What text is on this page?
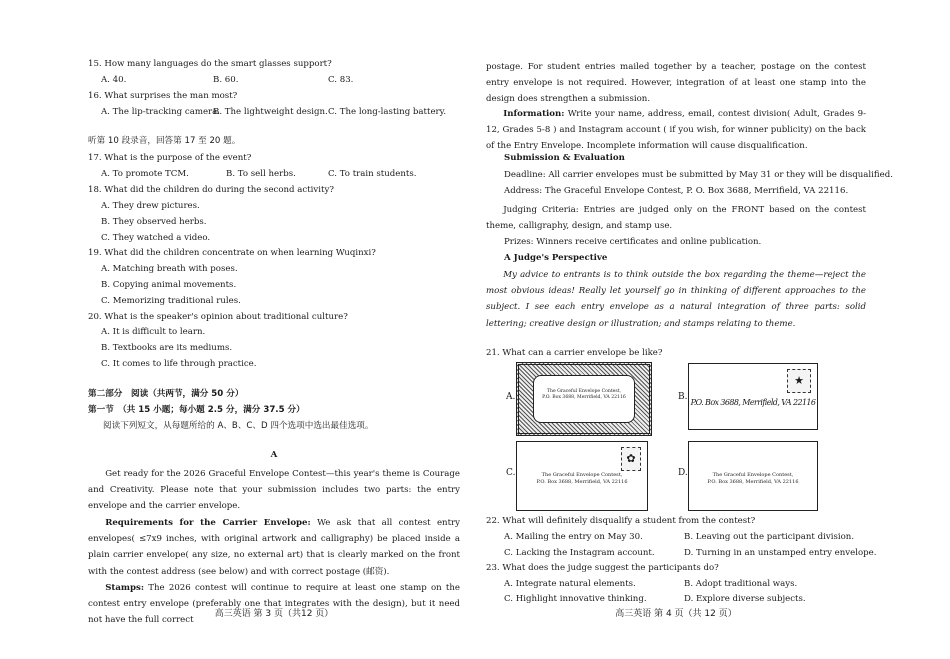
15. How many languages do the smart glasses support?
A. 40.	B. 60.	C. 83.
16. What surprises the man most?
A. The lip-tracking camera.
B. The lightweight design. C. The long-lasting battery.
听第 10 段录音，回答第 17 至 20 题。
17. What is the purpose of the event?
A. To promote TCM.	B. To sell herbs.	C. To train students.
18. What did the children do during the second activity?
A. They drew pictures.
B. They observed herbs.
C. They watched a video.
19. What did the children concentrate on when learning Wuqinxi?
A. Matching breath with poses.
B. Copying animal movements.
C. Memorizing traditional rules.
20. What is the speaker's opinion about traditional culture?
A. It is difficult to learn.
B. Textbooks are its mediums.
C. It comes to life through practice.
第二部分　阅读（共两节，满分 50 分）
第一节　（共 15 小题；每小题 2.5 分，满分 37.5 分）
阅读下列短文，从每题所给的 A、B、C、D 四个选项中选出最佳选项。
A
Get ready for the 2026 Graceful Envelope Contest—this year's theme is Courage and Creativity. Please note that your submission includes two parts: the entry envelope and the carrier envelope.
Requirements for the Carrier Envelope: We ask that all contest entry envelopes( ≤7x9 inches, with original artwork and calligraphy) be placed inside a plain carrier envelope( any size, no external art) that is clearly marked on the front with the contest address (see below) and with correct postage (邮资).
Stamps: The 2026 contest will continue to require at least one stamp on the contest entry envelope (preferably one that integrates with the design), but it need not have the full correct
高三英语 第 3 页（共12 页）
postage. For student entries mailed together by a teacher, postage on the contest entry envelope is not required. However, integration of at least one stamp into the design does strengthen a submission.
Information: Write your name, address, email, contest division( Adult, Grades 9-12, Grades 5-8 ) and Instagram account ( if you wish, for winner publicity) on the back of the Entry Envelope. Incomplete information will cause disqualification.
Submission & Evaluation
Deadline: All carrier envelopes must be submitted by May 31 or they will be disqualified.
Address: The Graceful Envelope Contest, P. O. Box 3688, Merrifield, VA 22116.
Judging Criteria: Entries are judged only on the FRONT based on the contest theme, calligraphy, design, and stamp use.
Prizes: Winners receive certificates and online publication.
A Judge's Perspective
My advice to entrants is to think outside the box regarding the theme—reject the most obvious ideas! Really let yourself go in thinking of different approaches to the subject. I see each entry envelope as a natural integration of three parts: solid lettering; creative design or illustration; and stamps relating to theme.
21. What can a carrier envelope be like?
A.
The Graceful Envelope Contest,
P.O. Box 3688, Merrifield, VA 22116	B.
★
P.O. Box 3688, Merrifield, VA 22116
C.
✿
The Graceful Envelope Contest,
P.O. Box 3688, Merrifield, VA 22116
D.	The Graceful Envelope Contest,
P.O. Box 3688, Merrifield, VA 22116
22. What will definitely disqualify a student from the contest?
A. Mailing the entry on May 30.	B. Leaving out the participant division.
C. Lacking the Instagram account.	D. Turning in an unstamped entry envelope.
23. What does the judge suggest the participants do?
A. Integrate natural elements.	B. Adopt traditional ways.
C. Highlight innovative thinking.	D. Explore diverse subjects.
高三英语 第 4 页（共 12 页）
